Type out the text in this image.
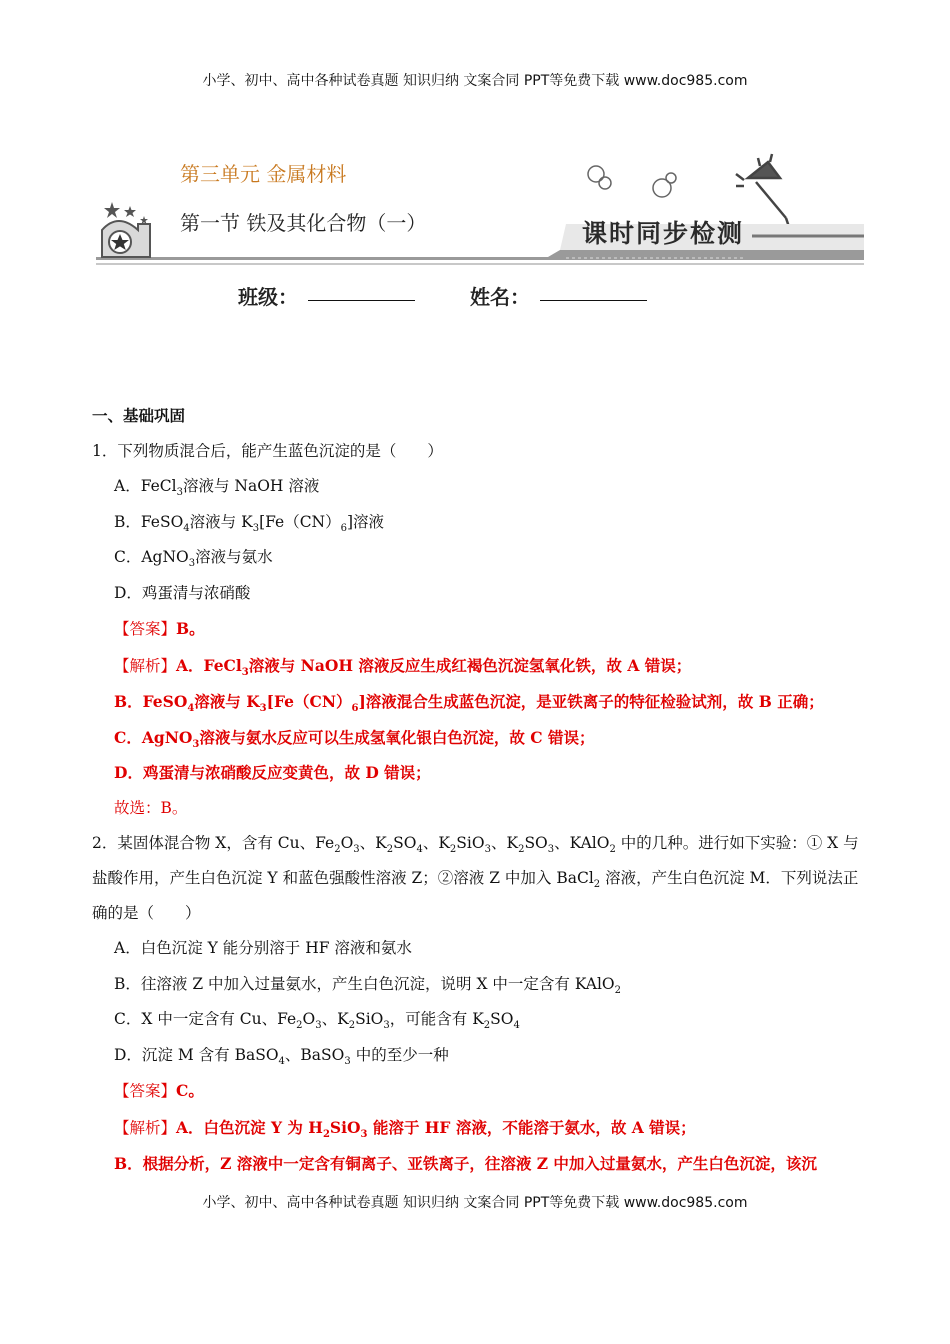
小学、初中、高中各种试卷真题 知识归纳 文案合同 PPT等免费下载 www.doc985.com
第三单元 金属材料
第一节 铁及其化合物（一）	课时同步检测
班级：	姓名：

一、基础巩固

1．下列物质混合后，能产生蓝色沉淀的是（　　）

A．FeCl$_3$溶液与 NaOH 溶液

B．FeSO$_4$溶液与 $K_3[Fe(CN)_6]$溶液

C．AgNO$_3$溶液与氨水

D．鸡蛋清与浓硝酸

【答案】B。

【解析】A．FeCl$_3$溶液与 NaOH 溶液反应生成红褐色沉淀氢氧化铁，故 A 错误；

B．FeSO$_4$溶液与 $K_3[Fe(CN)_6]$溶液混合生成蓝色沉淀，是亚铁离子的特征检验试剂，故 B 正确；

C．AgNO$_3$溶液与氨水反应可以生成氢氧化银白色沉淀，故 C 错误；

D．鸡蛋清与浓硝酸反应变黄色，故 D 错误；

故选：B。

2．某固体混合物 X，含有 Cu、$Fe_2O_3$、$K_2SO_4$、$K_2SiO_3$、$K_2SO_3$、KAlO$_2$ 中的几种。进行如下实验：① X 与盐酸作用，产生白色沉淀 Y 和蓝色强酸性溶液 Z；②溶液 Z 中加入 BaCl$_2$ 溶液，产生白色沉淀 M．下列说法正确的是（　　）

A．白色沉淀 Y 能分别溶于 HF 溶液和氨水

B．往溶液 Z 中加入过量氨水，产生白色沉淀，说明 X 中一定含有 KAlO$_2$

C．X 中一定含有 Cu、$Fe_2O_3$、$K_2SiO_3$，可能含有 $K_2SO_4$

D．沉淀 M 含有 BaSO$_4$、BaSO$_3$ 中的至少一种

【答案】C。

【解析】A．白色沉淀 Y 为 $H_2SiO_3$ 能溶于 HF 溶液，不能溶于氨水，故 A 错误；

B．根据分析，Z 溶液中一定含有铜离子、亚铁离子，往溶液 Z 中加入过量氨水，产生白色沉淀，该沉

小学、初中、高中各种试卷真题 知识归纳 文案合同 PPT等免费下载 www.doc985.com
